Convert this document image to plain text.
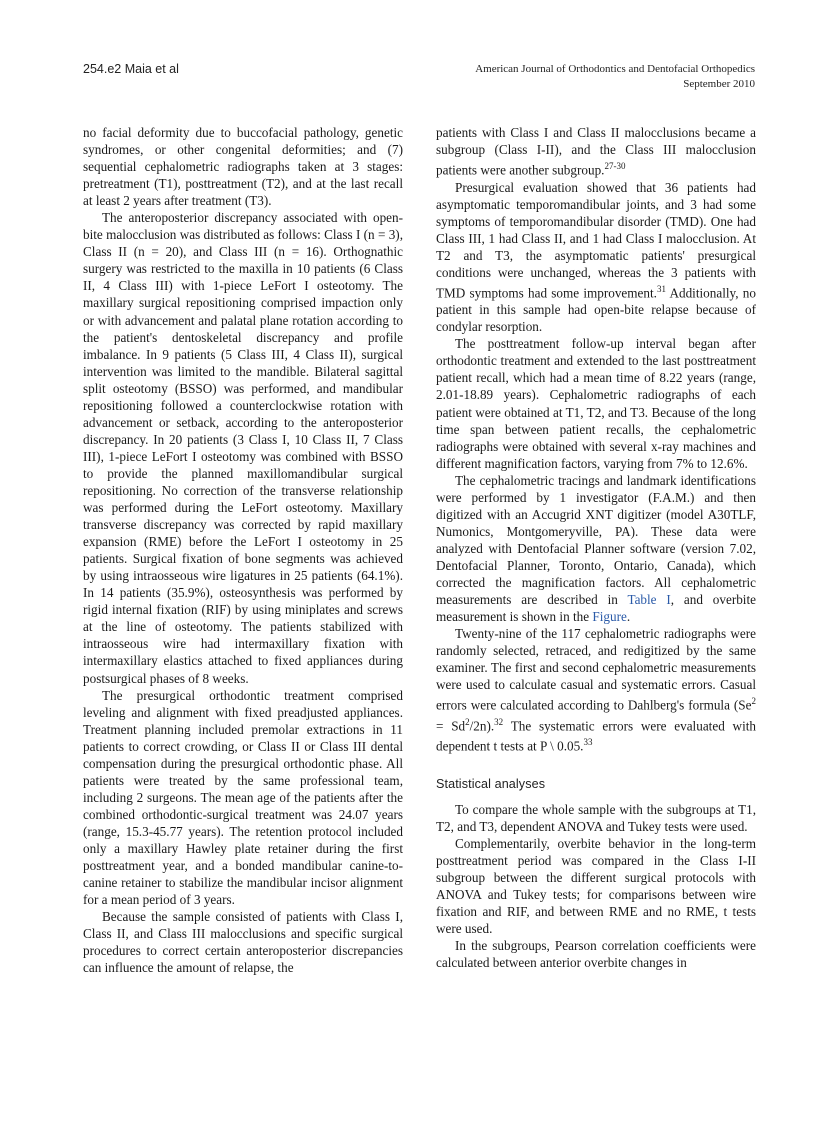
254.e2 Maia et al	American Journal of Orthodontics and Dentofacial Orthopedics
September 2010

no facial deformity due to buccofacial pathology, genetic syndromes, or other congenital deformities; and (7) sequential cephalometric radiographs taken at 3 stages: pretreatment (T1), posttreatment (T2), and at the last recall at least 2 years after treatment (T3).

The anteroposterior discrepancy associated with open-bite malocclusion was distributed as follows: Class I (n = 3), Class II (n = 20), and Class III (n = 16). Orthognathic surgery was restricted to the maxilla in 10 patients (6 Class II, 4 Class III) with 1-piece LeFort I osteotomy. The maxillary surgical repositioning comprised impaction only or with advancement and palatal plane rotation according to the patient's dentoskeletal discrepancy and profile imbalance. In 9 patients (5 Class III, 4 Class II), surgical intervention was limited to the mandible. Bilateral sagittal split osteotomy (BSSO) was performed, and mandibular repositioning followed a counterclockwise rotation with advancement or setback, according to the anteroposterior discrepancy. In 20 patients (3 Class I, 10 Class II, 7 Class III), 1-piece LeFort I osteotomy was combined with BSSO to provide the planned maxillomandibular surgical repositioning. No correction of the transverse relationship was performed during the LeFort osteotomy. Maxillary transverse discrepancy was corrected by rapid maxillary expansion (RME) before the LeFort I osteotomy in 25 patients. Surgical fixation of bone segments was achieved by using intraosseous wire ligatures in 25 patients (64.1%). In 14 patients (35.9%), osteosynthesis was performed by rigid internal fixation (RIF) by using miniplates and screws at the line of osteotomy. The patients stabilized with intraosseous wire had intermaxillary fixation with intermaxillary elastics attached to fixed appliances during postsurgical phases of 8 weeks.

The presurgical orthodontic treatment comprised leveling and alignment with fixed preadjusted appliances. Treatment planning included premolar extractions in 11 patients to correct crowding, or Class II or Class III dental compensation during the presurgical orthodontic phase. All patients were treated by the same professional team, including 2 surgeons. The mean age of the patients after the combined orthodontic-surgical treatment was 24.07 years (range, 15.3-45.77 years). The retention protocol included only a maxillary Hawley plate retainer during the first posttreatment year, and a bonded mandibular canine-to-canine retainer to stabilize the mandibular incisor alignment for a mean period of 3 years.

Because the sample consisted of patients with Class I, Class II, and Class III malocclusions and specific surgical procedures to correct certain anteroposterior discrepancies can influence the amount of relapse, the

patients with Class I and Class II malocclusions became a subgroup (Class I-II), and the Class III malocclusion patients were another subgroup.$^{27-30}$

Presurgical evaluation showed that 36 patients had asymptomatic temporomandibular joints, and 3 had some symptoms of temporomandibular disorder (TMD). One had Class III, 1 had Class II, and 1 had Class I malocclusion. At T2 and T3, the asymptomatic patients' presurgical conditions were unchanged, whereas the 3 patients with TMD symptoms had some improvement.$^{31}$ Additionally, no patient in this sample had open-bite relapse because of condylar resorption.

The posttreatment follow-up interval began after orthodontic treatment and extended to the last posttreatment patient recall, which had a mean time of 8.22 years (range, 2.01-18.89 years). Cephalometric radiographs of each patient were obtained at T1, T2, and T3. Because of the long time span between patient recalls, the cephalometric radiographs were obtained with several x-ray machines and different magnification factors, varying from 7% to 12.6%.

The cephalometric tracings and landmark identifications were performed by 1 investigator (F.A.M.) and then digitized with an Accugrid XNT digitizer (model A30TLF, Numonics, Montgomeryville, PA). These data were analyzed with Dentofacial Planner software (version 7.02, Dentofacial Planner, Toronto, Ontario, Canada), which corrected the magnification factors. All cephalometric measurements are described in Table I, and overbite measurement is shown in the Figure.

Twenty-nine of the 117 cephalometric radiographs were randomly selected, retraced, and redigitized by the same examiner. The first and second cephalometric measurements were used to calculate casual and systematic errors. Casual errors were calculated according to Dahlberg's formula $(Se^2 = Sd^2/2n).^{32}$ The systematic errors were evaluated with dependent t tests at P \ 0.05.33

Statistical analyses

To compare the whole sample with the subgroups at T1, T2, and T3, dependent ANOVA and Tukey tests were used.

Complementarily, overbite behavior in the long-term posttreatment period was compared in the Class I-II subgroup between the different surgical protocols with ANOVA and Tukey tests; for comparisons between wire fixation and RIF, and between RME and no RME, t tests were used.

In the subgroups, Pearson correlation coefficients were calculated between anterior overbite changes in
